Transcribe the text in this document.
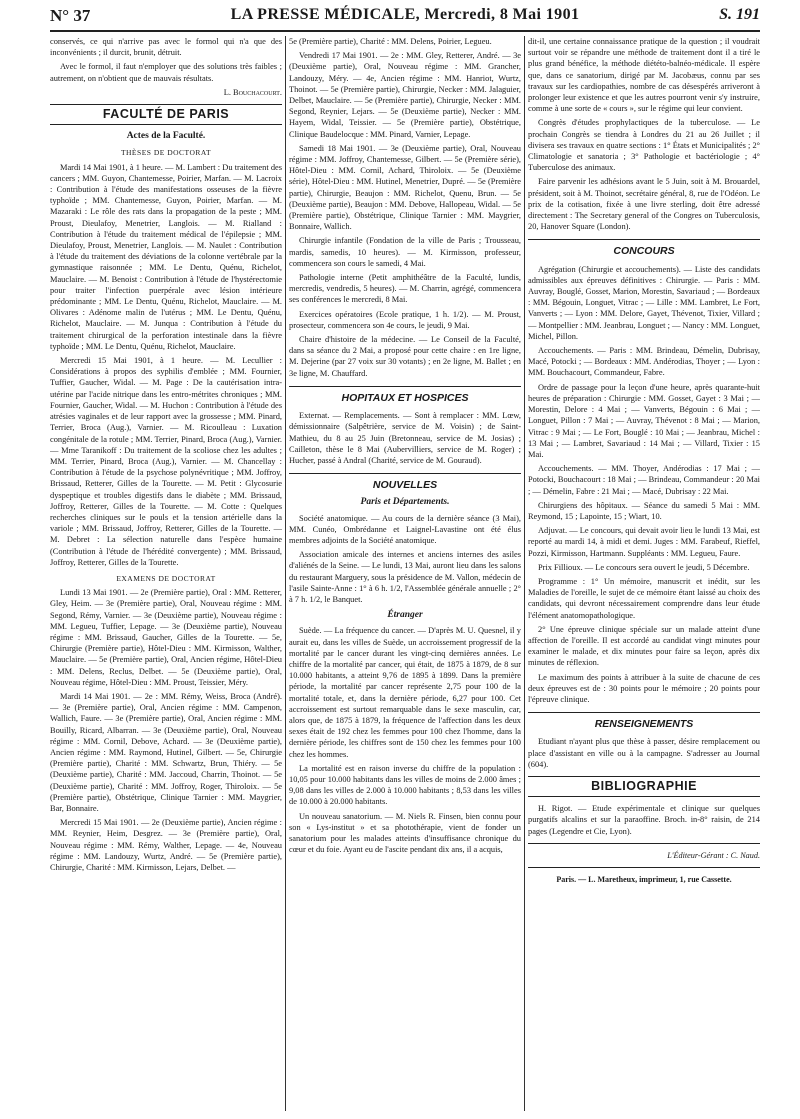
N° 37	LA PRESSE MÉDICALE, Mercredi, 8 Mai 1901	S. 191

conservés, ce qui n'arrive pas avec le formol qui n'a que des inconvénients ; il durcit, brunit, détruit.

Avec le formol, il faut n'employer que des solutions très faibles ; autrement, on n'obtient que de mauvais résultats.

L. Bouchacourt.

FACULTÉ DE PARIS
Actes de la Faculté.
THÈSES DE DOCTORAT

Mardi 14 Mai 1901, à 1 heure. — M. Lambert : Du traitement des cancers ; MM. Guyon, Chantemesse, Poirier, Marfan. — M. Lacroix : Contribution à l'étude des manifestations osseuses de la fièvre typhoïde ; MM. Chantemesse, Guyon, Poirier, Marfan. — M. Mazaraki : Le rôle des rats dans la propagation de la peste ; MM. Proust, Dieulafoy, Menetrier, Langlois. — M. Rialland : Contribution à l'étude du traitement médical de l'épilepsie ; MM. Dieulafoy, Proust, Menetrier, Langlois. — M. Naulet : Contribution à l'étude du traitement des déviations de la colonne vertébrale par la gymnastique raisonnée ; MM. Le Dentu, Quénu, Richelot, Mauclaire. — M. Benoist : Contribution à l'étude de l'hystérectomie pour traiter l'infection puerpérale avec lésion intérieure prédominante ; MM. Le Dentu, Quénu, Richelot, Mauclaire. — M. Olivares : Adénome malin de l'utérus ; MM. Le Dentu, Quénu, Richelot, Mauclaire. — M. Junqua : Contribution à l'étude du traitement chirurgical de la perforation intestinale dans la fièvre typhoïde ; MM. Le Dentu, Quénu, Richelot, Mauclaire.

Mercredi 15 Mai 1901, à 1 heure. — M. Lecullier : Considérations à propos des syphilis d'emblée ; MM. Fournier, Tuffier, Gaucher, Widal. — M. Page : De la cautérisation intra-utérine par l'acide nitrique dans les entro-métrites chroniques ; MM. Fournier, Gaucher, Widal. — M. Huchon : Contribution à l'étude des atrésies vaginales et de leur rapport avec la grossesse ; MM. Pinard, Terrier, Broca (Aug.), Varnier. — M. Ricoulleau : Luxation congénitale de la rotule ; MM. Terrier, Pinard, Broca (Aug.), Varnier. — Mme Taranikoff : Du traitement de la scoliose chez les adultes ; MM. Terrier, Pinard, Broca (Aug.), Varnier. — M. Chancellay : Contribution à l'étude de la psychose polynévritique ; MM. Joffroy, Brissaud, Retterer, Gilles de la Tourette. — M. Petit : Glycosurie dyspeptique et troubles digestifs dans le diabète ; MM. Brissaud, Joffroy, Retterer, Gilles de la Tourette. — M. Cotte : Quelques recherches cliniques sur le pouls et la tension artérielle dans la variole ; MM. Brissaud, Joffroy, Retterer, Gilles de la Tourette. — M. Debret : La sélection naturelle dans l'espèce humaine (Contribution à l'étude de l'hérédité convergente) ; MM. Brissaud, Joffroy, Retterer, Gilles de la Tourette.

EXAMENS DE DOCTORAT

Lundi 13 Mai 1901. — 2e (Première partie), Oral : MM. Retterer, Gley, Heim. — 3e (Première partie), Oral, Nouveau régime : MM. Segond, Rémy, Varnier. — 3e (Deuxième partie), Nouveau régime : MM. Legueu, Tuffier, Lepage. — 3e (Deuxième partie), Nouveau régime : MM. Brissaud, Gaucher, Gilles de la Tourette. — 5e, Chirurgie (Première partie), Hôtel-Dieu : MM. Kirmisson, Walther, Mauclaire. — 5e (Première partie), Oral, Ancien régime, Hôtel-Dieu : MM. Delens, Reclus, Delbet. — 5e (Deuxième partie), Oral, Nouveau régime, Hôtel-Dieu : MM. Proust, Teissier, Méry.

Mardi 14 Mai 1901. — 2e : MM. Rémy, Weiss, Broca (André). — 3e (Première partie), Oral, Ancien régime : MM. Campenon, Wallich, Faure. — 3e (Première partie), Oral, Ancien régime : MM. Bouilly, Ricard, Albarran. — 3e (Deuxième partie), Oral, Nouveau régime : MM. Cornil, Debove, Achard. — 3e (Deuxième partie), Ancien régime : MM. Raymond, Hutinel, Gilbert. — 5e, Chirurgie (Première partie), Charité : MM. Schwartz, Brun, Thiéry. — 5e (Deuxième partie), Charité : MM. Jaccoud, Charrin, Thoinot. — 5e (Deuxième partie), Charité : MM. Joffroy, Roger, Thiroloix. — 5e (Première partie), Obstétrique, Clinique Tarnier : MM. Maygrier, Bar, Bonnaire.

Mercredi 15 Mai 1901. — 2e (Deuxième partie), Ancien régime : MM. Reynier, Heim, Desgrez. — 3e (Première partie), Oral, Nouveau régime : MM. Rémy, Walther, Lepage. — 4e, Nouveau régime : MM. Landouzy, Wurtz, André. — 5e (Première partie), Chirurgie, Charité : MM. Kirmisson, Lejars, Delbet. —

5e (Première partie), Charité : MM. Delens, Poirier, Legueu.

Vendredi 17 Mai 1901. — 2e : MM. Gley, Retterer, André. — 3e (Deuxième partie), Oral, Nouveau régime : MM. Grancher, Landouzy, Méry. — 4e, Ancien régime : MM. Hanriot, Wurtz, Thoinot. — 5e (Première partie), Chirurgie, Necker : MM. Jalaguier, Delbet, Mauclaire. — 5e (Première partie), Chirurgie, Necker : MM. Segond, Reynier, Lejars. — 5e (Deuxième partie), Necker : MM. Hayem, Widal, Teissier. — 5e (Première partie), Obstétrique, Clinique Baudelocque : MM. Pinard, Varnier, Lepage.

Samedi 18 Mai 1901. — 3e (Deuxième partie), Oral, Nouveau régime : MM. Joffroy, Chantemesse, Gilbert. — 5e (Première série), Hôtel-Dieu : MM. Cornil, Achard, Thiroloix. — 5e (Deuxième série), Hôtel-Dieu : MM. Hutinel, Menetrier, Dupré. — 5e (Première partie), Chirurgie, Beaujon : MM. Richelot, Quenu, Brun. — 5e (Deuxième partie), Beaujon : MM. Debove, Hallopeau, Widal. — 5e (Première partie), Obstétrique, Clinique Tarnier : MM. Maygrier, Bonnaire, Wallich.

Chirurgie infantile (Fondation de la ville de Paris ; Trousseau, mardis, samedis, 10 heures). — M. Kirmisson, professeur, commencera son cours le samedi, 4 Mai.

Pathologie interne (Petit amphithéâtre de la Faculté, lundis, mercredis, vendredis, 5 heures). — M. Charrin, agrégé, commencera ses conférences le mercredi, 8 Mai.

Exercices opératoires (Ecole pratique, 1 h. 1/2). — M. Proust, prosecteur, commencera son 4e cours, le jeudi, 9 Mai.

Chaire d'histoire de la médecine. — Le Conseil de la Faculté, dans sa séance du 2 Mai, a proposé pour cette chaire : en 1re ligne, M. Dejerine (par 27 voix sur 30 votants) ; en 2e ligne, M. Ballet ; en 3e ligne, M. Chauffard.

HOPITAUX ET HOSPICES

Externat. — Remplacements. — Sont à remplacer : MM. Lœw, démissionnaire (Salpêtrière, service de M. Voisin) ; de Saint-Mathieu, du 8 au 25 Juin (Bretonneau, service de M. Josias) ; Cailleton, thèse le 8 Mai (Aubervilliers, service de M. Roger) ; Hucher, passé à Andral (Charité, service de M. Gouraud).

NOUVELLES
Paris et Départements.

Société anatomique. — Au cours de la dernière séance (3 Mai), MM. Cunéo, Ombrédanne et Laignel-Lavastine ont été élus membres adjoints de la Société anatomique.

Association amicale des internes et anciens internes des asiles d'aliénés de la Seine. — Le lundi, 13 Mai, auront lieu dans les salons du restaurant Marguery, sous la présidence de M. Vallon, médecin de l'asile Sainte-Anne : 1° à 6 h. 1/2, l'Assemblée générale annuelle ; 2° à 7 h. 1/2, le Banquet.

Étranger

Suède. — La fréquence du cancer. — D'après M. U. Quesnel, il y aurait eu, dans les villes de Suède, un accroissement progressif de la mortalité par le cancer durant les vingt-cinq dernières années. Le chiffre de la mortalité par cancer, qui était, de 1875 à 1879, de 8 sur 10.000 habitants, a atteint 9,76 de 1895 à 1899. Dans la première période, la mortalité par cancer représente 2,75 pour 100 de la mortalité totale, et, dans la dernière période, 6,27 pour 100. Cet accroissement est surtout remarquable dans le sexe masculin, car, alors que, de 1875 à 1879, la fréquence de l'affection dans les deux sexes était de 192 chez les femmes pour 100 chez l'homme, dans la dernière période, les chiffres sont de 150 chez les femmes pour 100 chez les hommes.

La mortalité est en raison inverse du chiffre de la population : 10,05 pour 10.000 habitants dans les villes de moins de 2.000 âmes ; 9,08 dans les villes de 2.000 à 10.000 habitants ; 8,53 dans les villes de 10.000 à 20.000 habitants.

Un nouveau sanatorium. — M. Niels R. Finsen, bien connu pour son « Lys-institut » et sa photothérapie, vient de fonder un sanatorium pour les malades atteints d'insuffisance chronique du cœur et du foie. Ayant eu de l'ascite pendant dix ans, il a acquis,

dit-il, une certaine connaissance pratique de la question ; il voudrait surtout voir se répandre une méthode de traitement dont il a tiré le plus grand bénéfice, la méthode diététo-balnéo-médicale. Il espère que, dans ce sanatorium, dirigé par M. Jacobæus, connu par ses travaux sur les cardiopathies, nombre de cas désespérés arriveront à prolonger leur existence et que les autres pourront venir s'y instruire, comme à une sorte de « cours », sur le régime qui leur convient.

Congrès d'études prophylactiques de la tuberculose. — Le prochain Congrès se tiendra à Londres du 21 au 26 Juillet ; il divisera ses travaux en quatre sections : 1° États et Municipalités ; 2° Climatologie et sanatoria ; 3° Pathologie et bactériologie ; 4° Tuberculose des animaux.

Faire parvenir les adhésions avant le 5 Juin, soit à M. Brouardel, président, soit à M. Thoinot, secrétaire général, 8, rue de l'Odéon. Le prix de la cotisation, fixée à une livre sterling, doit être adressé directement : The Secretary general of the Congres on Tuberculosis, 20, Hanover Square (London).

CONCOURS

Agrégation (Chirurgie et accouchements). — Liste des candidats admissibles aux épreuves définitives : Chirurgie. — Paris : MM. Auvray, Bouglé, Gosset, Marion, Morestin, Savariaud ; — Bordeaux : MM. Bégouin, Longuet, Vitrac ; — Lille : MM. Lambret, Le Fort, Vanverts ; — Lyon : MM. Delore, Gayet, Thévenot, Tixier, Villard ; — Montpellier : MM. Jeanbrau, Longuet ; — Nancy : MM. Longuet, Michel, Pillon.

Accouchements. — Paris : MM. Brindeau, Démelin, Dubrisay, Macé, Potocki ; — Bordeaux : MM. Andérodias, Thoyer ; — Lyon : MM. Bouchacourt, Commandeur, Fabre.

Ordre de passage pour la leçon d'une heure, après quarante-huit heures de préparation : Chirurgie : MM. Gosset, Gayet : 3 Mai ; — Morestin, Delore : 4 Mai ; — Vanverts, Bégouin : 6 Mai ; — Longuet, Pillon : 7 Mai ; — Auvray, Thévenot : 8 Mai ; — Marion, Vitrac : 9 Mai ; — Le Fort, Bouglé : 10 Mai ; — Jeanbrau, Michel : 13 Mai ; — Lambret, Savariaud : 14 Mai ; — Villard, Tixier : 15 Mai.

Accouchements. — MM. Thoyer, Andérodias : 17 Mai ; — Potocki, Bouchacourt : 18 Mai ; — Brindeau, Commandeur : 20 Mai ; — Démelin, Fabre : 21 Mai ; — Macé, Dubrisay : 22 Mai.

Chirurgiens des hôpitaux. — Séance du samedi 5 Mai : MM. Reymond, 15 ; Lapointe, 15 ; Wiart, 10.

Adjuvat. — Le concours, qui devait avoir lieu le lundi 13 Mai, est reporté au mardi 14, à midi et demi. Juges : MM. Farabeuf, Rieffel, Pozzi, Kirmisson, Hartmann. Suppléants : MM. Legueu, Faure.

Prix Fillioux. — Le concours sera ouvert le jeudi, 5 Décembre.

Programme : 1° Un mémoire, manuscrit et inédit, sur les Maladies de l'oreille, le sujet de ce mémoire étant laissé au choix des candidats, qui devront nécessairement comprendre dans leur étude l'élément anatomopathologique.

2° Une épreuve clinique spéciale sur un malade atteint d'une affection de l'oreille. Il est accordé au candidat vingt minutes pour examiner le malade, et dix minutes pour faire sa leçon, après dix minutes de réflexion.

Le maximum des points à attribuer à la suite de chacune de ces deux épreuves est de : 30 points pour le mémoire ; 20 points pour l'épreuve clinique.

RENSEIGNEMENTS

Etudiant n'ayant plus que thèse à passer, désire remplacement ou place d'assistant en ville ou à la campagne. S'adresser au Journal (604).

BIBLIOGRAPHIE

H. Rigot. — Etude expérimentale et clinique sur quelques purgatifs alcalins et sur la paraoffine. Broch. in-8° raisin, de 214 pages (Legendre et Cie, Lyon).

L'Éditeur-Gérant : C. Naud.

Paris. — L. Maretheux, imprimeur, 1, rue Cassette.
